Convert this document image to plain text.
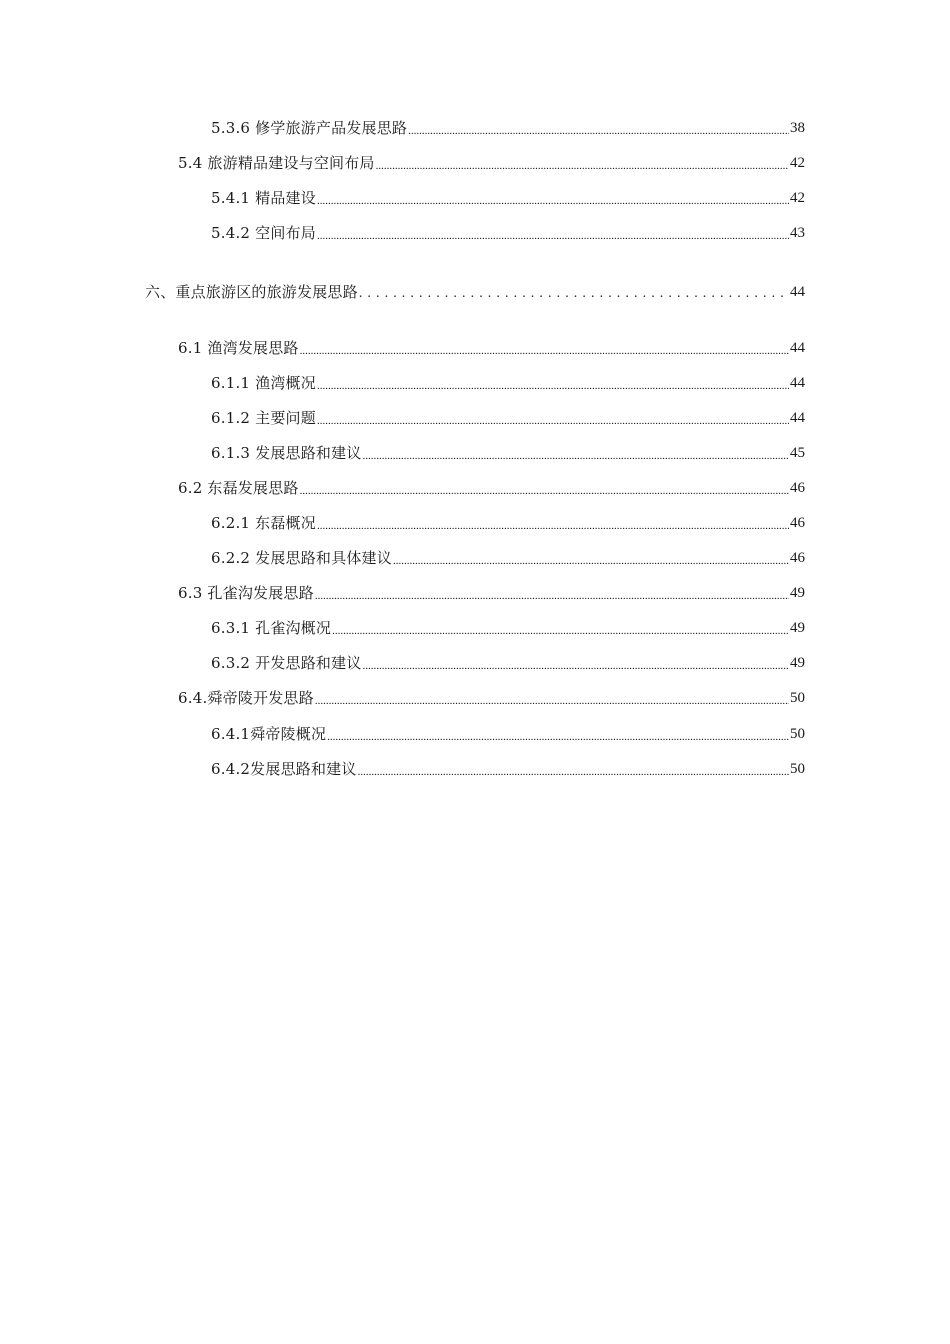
5.3.6 修学旅游产品发展思路 .....	38
5.4 旅游精品建设与空间布局 .....	42
5.4.1 精品建设 .....	42
5.4.2 空间布局 .....	43
六、重点旅游区的旅游发展思路 . . .	44
6.1 渔湾发展思路 .....	44
6.1.1 渔湾概况 .....	44
6.1.2 主要问题 .....	44
6.1.3 发展思路和建议 .....	45
6.2 东磊发展思路 .....	46
6.2.1 东磊概况 .....	46
6.2.2 发展思路和具体建议 .....	46
6.3 孔雀沟发展思路 .....	49
6.3.1 孔雀沟概况 .....	49
6.3.2 开发思路和建议 .....	49
6.4.舜帝陵开发思路 .....	50
6.4.1舜帝陵概况 .....	50
6.4.2发展思路和建议 .....	50
